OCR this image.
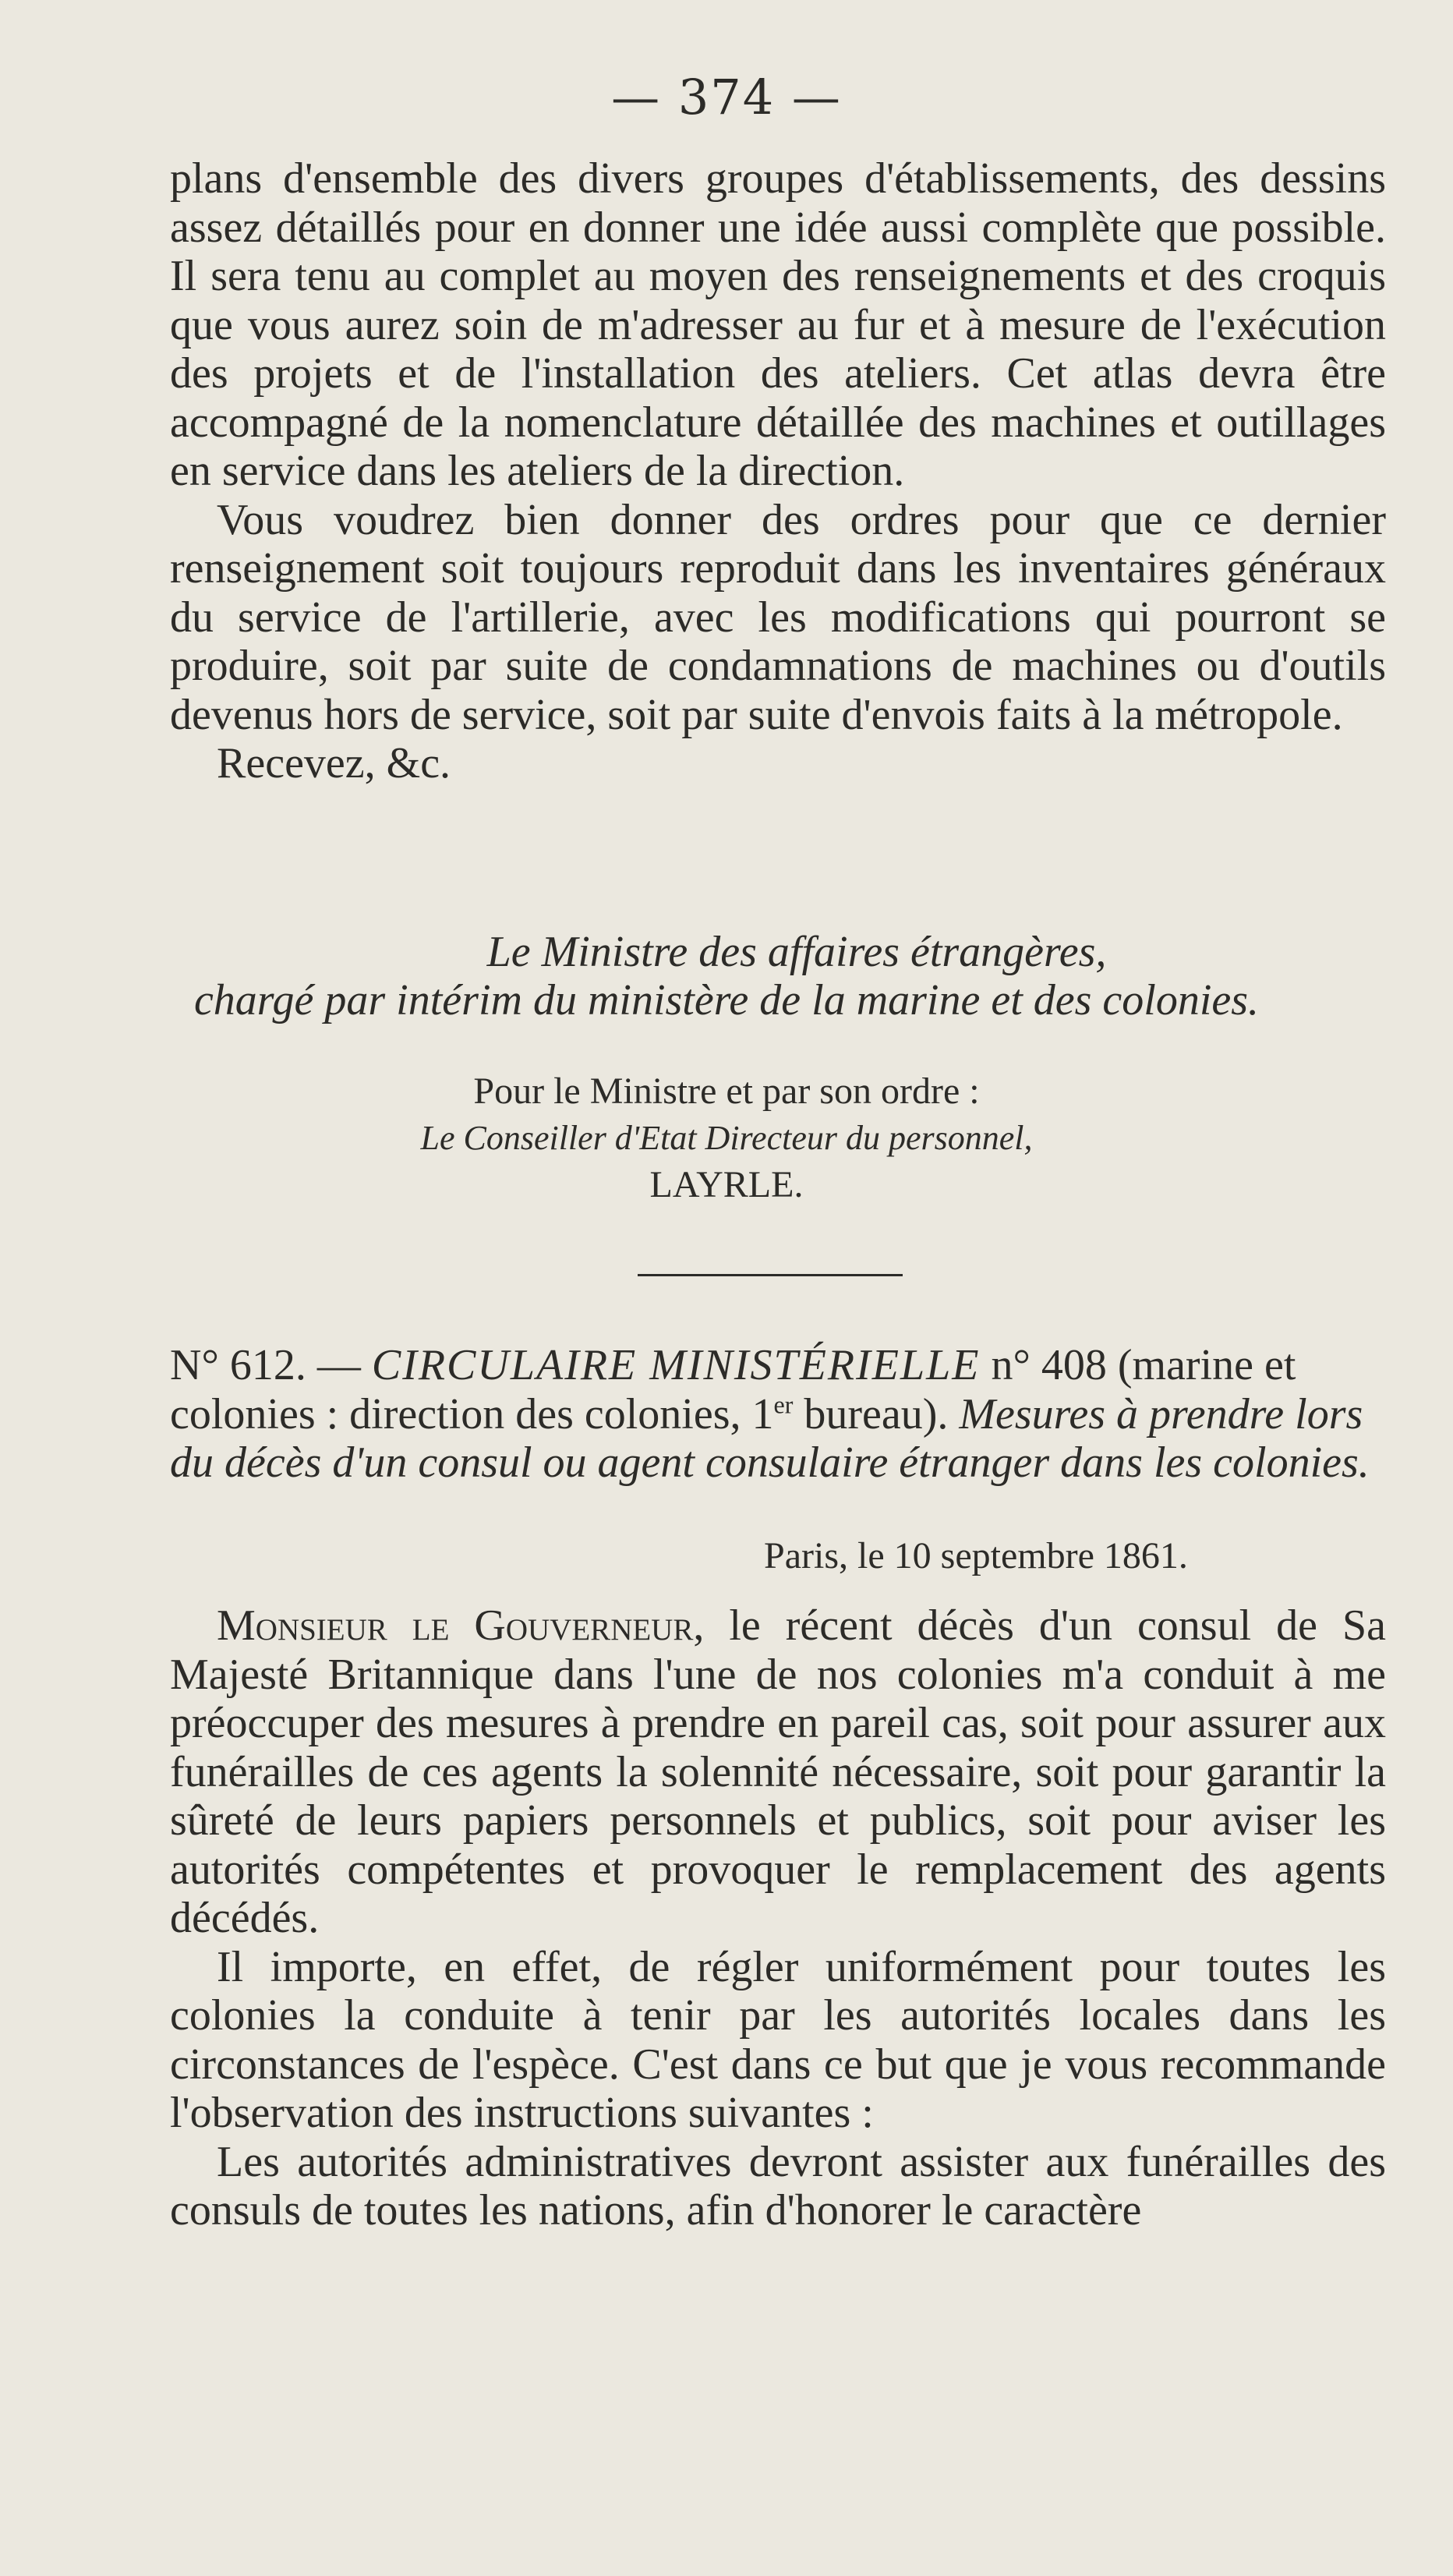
— 374 —

plans d'ensemble des divers groupes d'établissements, des dessins assez détaillés pour en donner une idée aussi complète que possible. Il sera tenu au complet au moyen des renseignements et des croquis que vous aurez soin de m'adresser au fur et à mesure de l'exécution des projets et de l'installation des ateliers. Cet atlas devra être accompagné de la nomenclature détaillée des machines et outillages en service dans les ateliers de la direction.

Vous voudrez bien donner des ordres pour que ce dernier renseignement soit toujours reproduit dans les inventaires généraux du service de l'artillerie, avec les modifications qui pourront se produire, soit par suite de condamnations de machines ou d'outils devenus hors de service, soit par suite d'envois faits à la métropole.

Recevez, &c.

Le Ministre des affaires étrangères,
chargé par intérim du ministère de la marine et des colonies.
Pour le Ministre et par son ordre :
Le Conseiller d'Etat Directeur du personnel,
LAYRLE.
N° 612. — CIRCULAIRE MINISTÉRIELLE n° 408 (marine et colonies : direction des colonies, 1er bureau). Mesures à prendre lors du décès d'un consul ou agent consulaire étranger dans les colonies.
Paris, le 10 septembre 1861.

Monsieur le Gouverneur, le récent décès d'un consul de Sa Majesté Britannique dans l'une de nos colonies m'a conduit à me préoccuper des mesures à prendre en pareil cas, soit pour assurer aux funérailles de ces agents la solennité nécessaire, soit pour garantir la sûreté de leurs papiers personnels et publics, soit pour aviser les autorités compétentes et provoquer le remplacement des agents décédés.

Il importe, en effet, de régler uniformément pour toutes les colonies la conduite à tenir par les autorités locales dans les circonstances de l'espèce. C'est dans ce but que je vous recommande l'observation des instructions suivantes :

Les autorités administratives devront assister aux funérailles des consuls de toutes les nations, afin d'honorer le caractère
